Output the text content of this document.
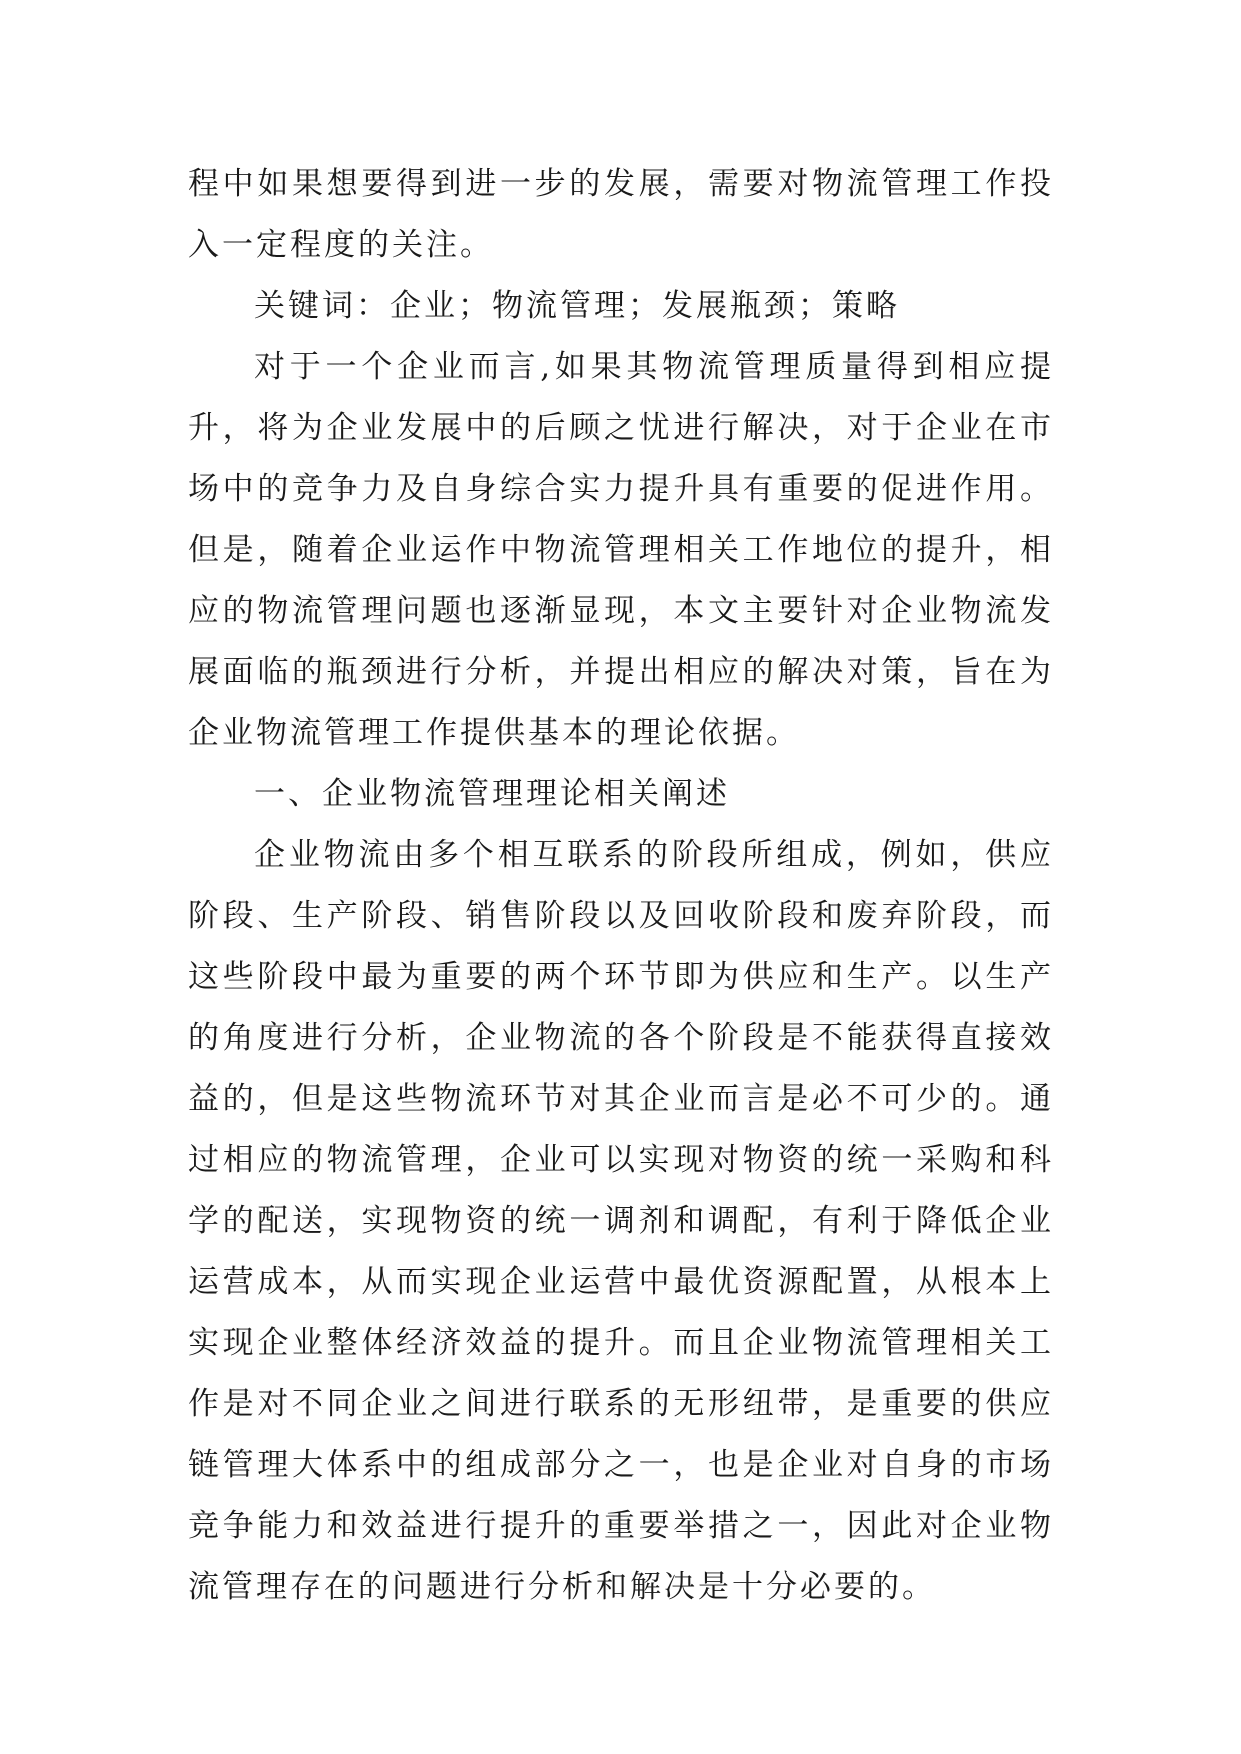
程中如果想要得到进一步的发展，需要对物流管理工作投入一定程度的关注。

关键词：企业；物流管理；发展瓶颈；策略

对于一个企业而言,如果其物流管理质量得到相应提升，将为企业发展中的后顾之忧进行解决，对于企业在市场中的竞争力及自身综合实力提升具有重要的促进作用。但是，随着企业运作中物流管理相关工作地位的提升，相应的物流管理问题也逐渐显现，本文主要针对企业物流发展面临的瓶颈进行分析，并提出相应的解决对策，旨在为企业物流管理工作提供基本的理论依据。

一、企业物流管理理论相关阐述

企业物流由多个相互联系的阶段所组成，例如，供应阶段、生产阶段、销售阶段以及回收阶段和废弃阶段，而这些阶段中最为重要的两个环节即为供应和生产。以生产的角度进行分析，企业物流的各个阶段是不能获得直接效益的，但是这些物流环节对其企业而言是必不可少的。通过相应的物流管理，企业可以实现对物资的统一采购和科学的配送，实现物资的统一调剂和调配，有利于降低企业运营成本，从而实现企业运营中最优资源配置，从根本上实现企业整体经济效益的提升。而且企业物流管理相关工作是对不同企业之间进行联系的无形纽带，是重要的供应链管理大体系中的组成部分之一，也是企业对自身的市场竞争能力和效益进行提升的重要举措之一，因此对企业物流管理存在的问题进行分析和解决是十分必要的。
